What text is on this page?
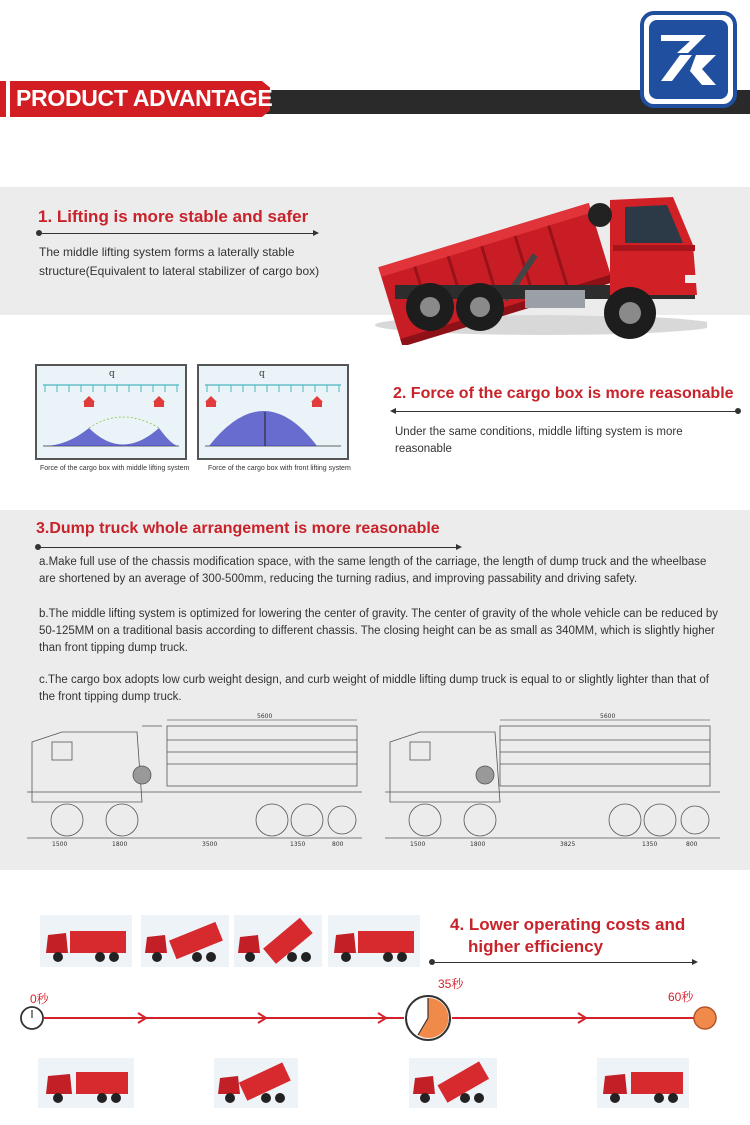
PRODUCT ADVANTAGE
1. Lifting is more stable and safer
The middle lifting system forms a laterally stable
structure(Equivalent to lateral stabilizer of cargo box)
q
Force of the cargo box with middle lifting system
q
Force of the cargo box with front lifting system
2. Force of the cargo box is more reasonable
Under the same conditions, middle lifting system is more
reasonable
3.Dump truck whole arrangement is more reasonable
a.Make full use of the chassis modification space, with the same length of the carriage, the length of dump truck and the wheelbase are shortened by an average of 300-500mm, reducing the turning radius, and improving passability and driving safety.
b.The middle lifting system is optimized for lowering the center of gravity. The center of gravity of the whole vehicle can be reduced by 50-125MM on a traditional basis according to different chassis. The closing height can be as small as 340MM, which is slightly higher than front tipping dump truck.
c.The cargo box adopts low curb weight design, and curb weight of middle lifting dump truck is equal to or slightly lighter than that of the front tipping dump truck.
5600
1500	1800	3500	1350	800
5600
1500	1800	3825	1350	800
4. Lower operating costs and
higher efficiency
0秒
35秒
60秒
